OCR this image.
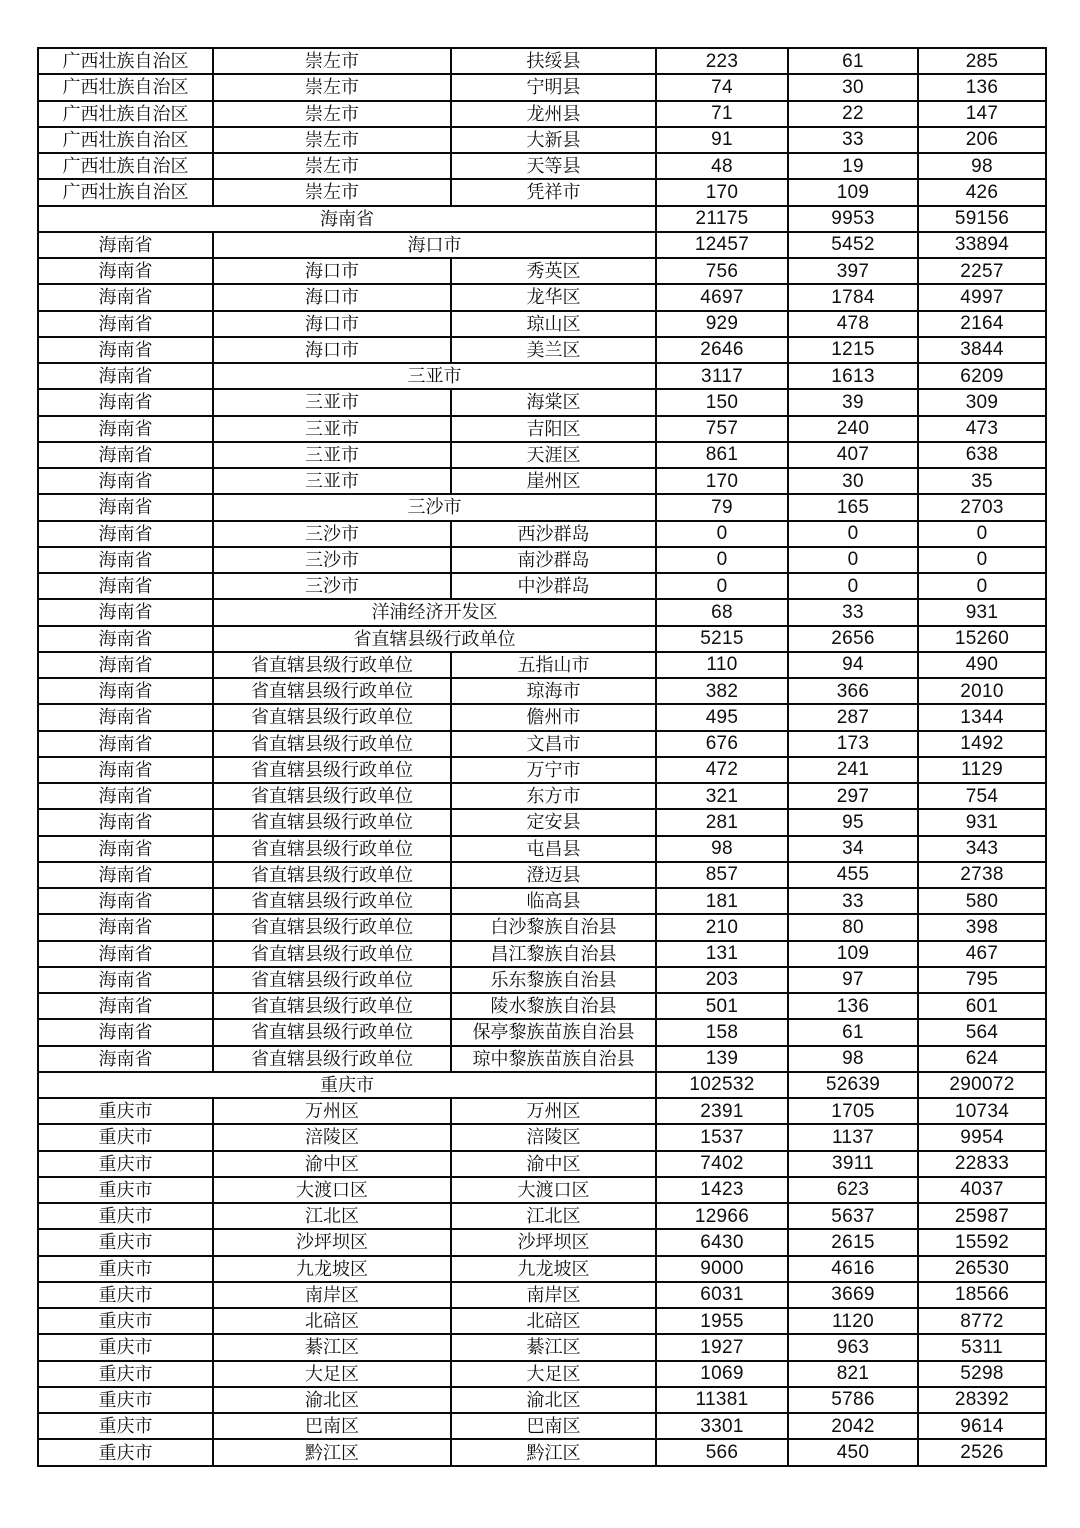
广西壮族自治区	崇左市	扶绥县	223	61	285
广西壮族自治区	崇左市	宁明县	74	30	136
广西壮族自治区	崇左市	龙州县	71	22	147
广西壮族自治区	崇左市	大新县	91	33	206
广西壮族自治区	崇左市	天等县	48	19	98
广西壮族自治区	崇左市	凭祥市	170	109	426
海南省			21175	9953	59156
海南省	海口市		12457	5452	33894
海南省	海口市	秀英区	756	397	2257
海南省	海口市	龙华区	4697	1784	4997
海南省	海口市	琼山区	929	478	2164
海南省	海口市	美兰区	2646	1215	3844
海南省	三亚市		3117	1613	6209
海南省	三亚市	海棠区	150	39	309
海南省	三亚市	吉阳区	757	240	473
海南省	三亚市	天涯区	861	407	638
海南省	三亚市	崖州区	170	30	35
海南省	三沙市		79	165	2703
海南省	三沙市	西沙群岛	0	0	0
海南省	三沙市	南沙群岛	0	0	0
海南省	三沙市	中沙群岛	0	0	0
海南省	洋浦经济开发区		68	33	931
海南省	省直辖县级行政单位		5215	2656	15260
海南省	省直辖县级行政单位	五指山市	110	94	490
海南省	省直辖县级行政单位	琼海市	382	366	2010
海南省	省直辖县级行政单位	儋州市	495	287	1344
海南省	省直辖县级行政单位	文昌市	676	173	1492
海南省	省直辖县级行政单位	万宁市	472	241	1129
海南省	省直辖县级行政单位	东方市	321	297	754
海南省	省直辖县级行政单位	定安县	281	95	931
海南省	省直辖县级行政单位	屯昌县	98	34	343
海南省	省直辖县级行政单位	澄迈县	857	455	2738
海南省	省直辖县级行政单位	临高县	181	33	580
海南省	省直辖县级行政单位	白沙黎族自治县	210	80	398
海南省	省直辖县级行政单位	昌江黎族自治县	131	109	467
海南省	省直辖县级行政单位	乐东黎族自治县	203	97	795
海南省	省直辖县级行政单位	陵水黎族自治县	501	136	601
海南省	省直辖县级行政单位	保亭黎族苗族自治县	158	61	564
海南省	省直辖县级行政单位	琼中黎族苗族自治县	139	98	624
重庆市			102532	52639	290072
重庆市	万州区	万州区	2391	1705	10734
重庆市	涪陵区	涪陵区	1537	1137	9954
重庆市	渝中区	渝中区	7402	3911	22833
重庆市	大渡口区	大渡口区	1423	623	4037
重庆市	江北区	江北区	12966	5637	25987
重庆市	沙坪坝区	沙坪坝区	6430	2615	15592
重庆市	九龙坡区	九龙坡区	9000	4616	26530
重庆市	南岸区	南岸区	6031	3669	18566
重庆市	北碚区	北碚区	1955	1120	8772
重庆市	綦江区	綦江区	1927	963	5311
重庆市	大足区	大足区	1069	821	5298
重庆市	渝北区	渝北区	11381	5786	28392
重庆市	巴南区	巴南区	3301	2042	9614
重庆市	黔江区	黔江区	566	450	2526
